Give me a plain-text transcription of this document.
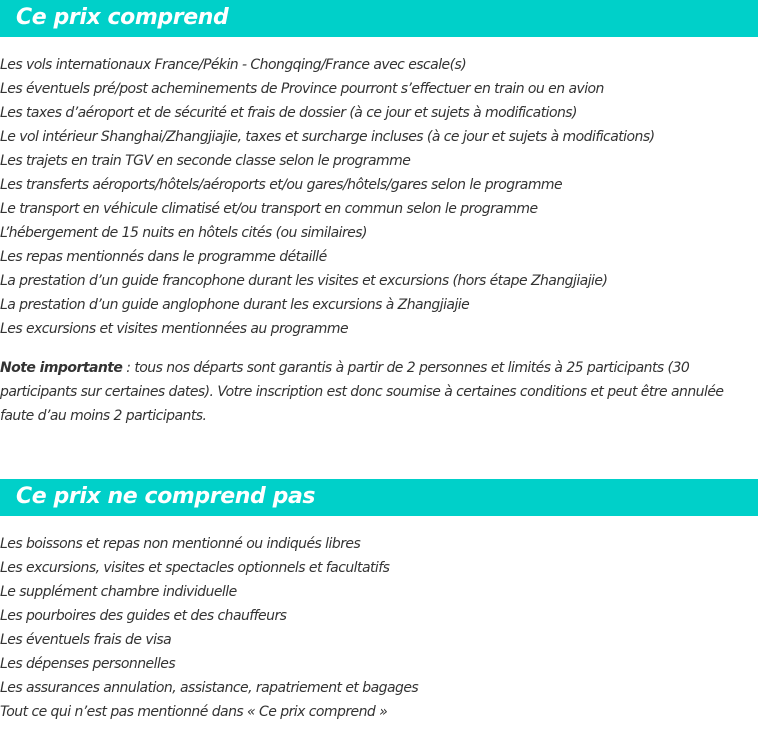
Ce prix comprend
Les vols internationaux France/Pékin - Chongqing/France avec escale(s)
Les éventuels pré/post acheminements de Province pourront s’effectuer en train ou en avion
Les taxes d’aéroport et de sécurité et frais de dossier (à ce jour et sujets à modifications)
Le vol intérieur Shanghai/Zhangjiajie, taxes et surcharge incluses (à ce jour et sujets à modifications)
Les trajets en train TGV en seconde classe selon le programme
Les transferts aéroports/hôtels/aéroports et/ou gares/hôtels/gares selon le programme
Le transport en véhicule climatisé et/ou transport en commun selon le programme
L’hébergement de 15 nuits en hôtels cités (ou similaires)
Les repas mentionnés dans le programme détaillé
La prestation d’un guide francophone durant les visites et excursions (hors étape Zhangjiajie)
La prestation d’un guide anglophone durant les excursions à Zhangjiajie
Les excursions et visites mentionnées au programme

Note importante : tous nos départs sont garantis à partir de 2 personnes et limités à 25 participants (30 participants sur certaines dates). Votre inscription est donc soumise à certaines conditions et peut être annulée faute d’au moins 2 participants.

Ce prix ne comprend pas
Les boissons et repas non mentionné ou indiqués libres
Les excursions, visites et spectacles optionnels et facultatifs
Le supplément chambre individuelle
Les pourboires des guides et des chauffeurs
Les éventuels frais de visa
Les dépenses personnelles
Les assurances annulation, assistance, rapatriement et bagages
Tout ce qui n’est pas mentionné dans « Ce prix comprend »
